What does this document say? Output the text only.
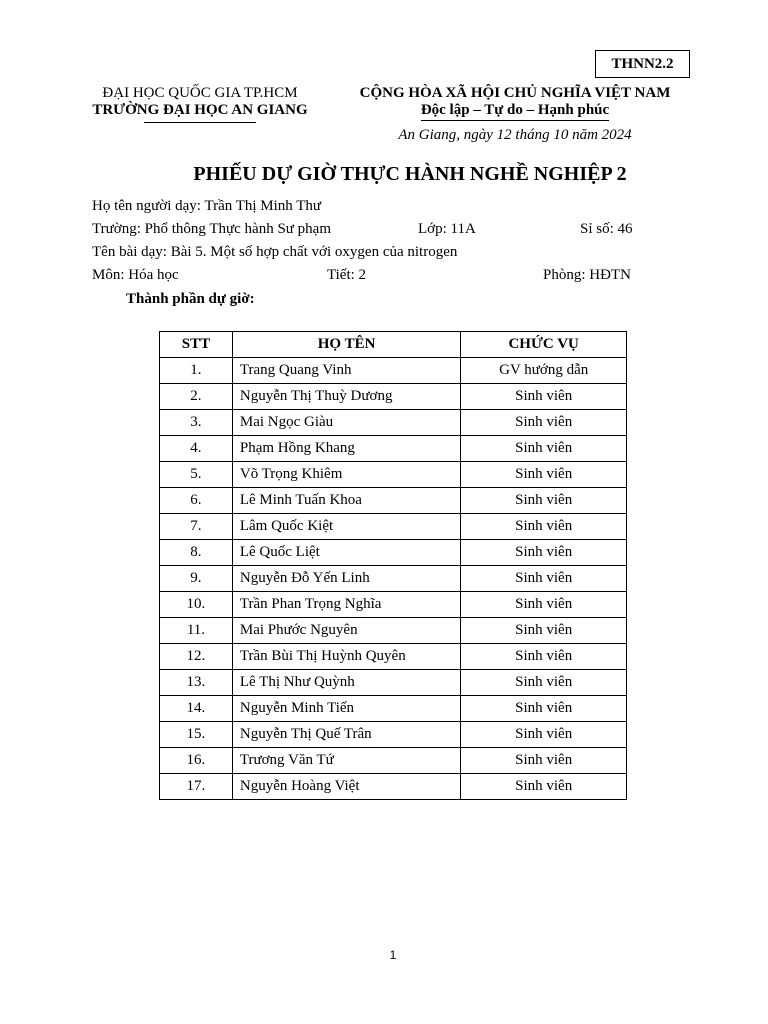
THNN2.2
ĐẠI HỌC QUỐC GIA TP.HCM
TRƯỜNG ĐẠI HỌC AN GIANG
CỘNG HÒA XÃ HỘI CHỦ NGHĨA VIỆT NAM
Độc lập – Tự do – Hạnh phúc
An Giang, ngày 12 tháng 10 năm 2024
PHIẾU DỰ GIỜ THỰC HÀNH NGHỀ NGHIỆP 2
Họ tên người dạy: Trần Thị Minh Thư
Trường: Phổ thông Thực hành Sư phạm	Lớp: 11A	Sỉ số: 46
Tên bài dạy: Bài 5. Một số hợp chất với oxygen của nitrogen
Môn: Hóa học	Tiết: 2	Phòng: HĐTN
Thành phần dự giờ:
STT	HỌ TÊN	CHỨC VỤ
1.	Trang Quang Vinh	GV hướng dẫn
2.	Nguyễn Thị Thuỳ Dương	Sinh viên
3.	Mai Ngọc Giàu	Sinh viên
4.	Phạm Hồng Khang	Sinh viên
5.	Võ Trọng Khiêm	Sinh viên
6.	Lê Minh Tuấn Khoa	Sinh viên
7.	Lâm Quốc Kiệt	Sinh viên
8.	Lê Quốc Liệt	Sinh viên
9.	Nguyễn Đỗ Yến Linh	Sinh viên
10.	Trần Phan Trọng Nghĩa	Sinh viên
11.	Mai Phước Nguyên	Sinh viên
12.	Trần Bùi Thị Huỳnh Quyên	Sinh viên
13.	Lê Thị Như Quỳnh	Sinh viên
14.	Nguyễn Minh Tiến	Sinh viên
15.	Nguyễn Thị Quế Trân	Sinh viên
16.	Trương Văn Tứ	Sinh viên
17.	Nguyễn Hoàng Việt	Sinh viên
1
